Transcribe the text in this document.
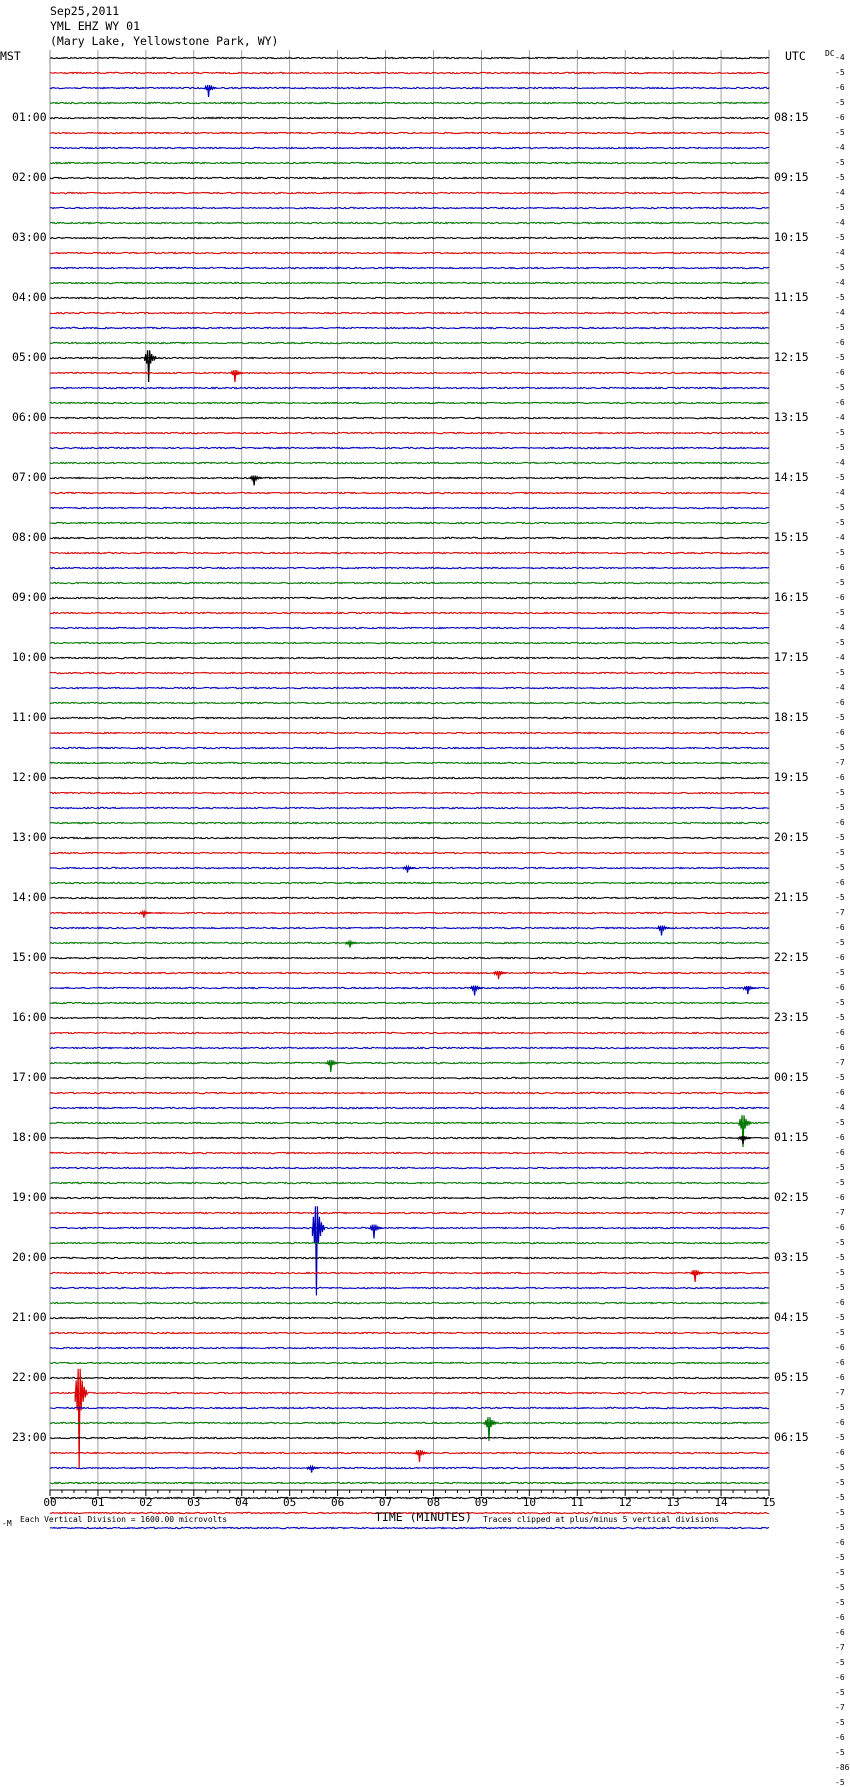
00	01	02	03	04	05	06	07	08	09	10	11	12	13	14	15
Sep25,2011
YML EHZ WY 01
(Mary Lake, Yellowstone Park, WY)
MST	UTC DC
TIME (MINUTES)
Each Vertical Division = 1600.00 microvolts	Traces clipped at plus/minus 5 vertical divisions
-M
-4
-5
-6
-5
-6
-5
-4
-5
-5
-4
-5
-4
-5
-4
-5
-4
-5
-4
-5
-6
-5
-6
-5
-6
-4
-5
-5
-4
-5
-4
-5
-5
-4
-5
-6
-5
-6
-5
-4
-5
-4
-5
-4
-6
-5
-6
-5
-7
-6
-5
-5
-6
-5
-5
-5
-6
-5
-7
-6
-5
-6
-5
-6
-5
-5
-6
-6
-7
-5
-6
-4
-5
-6
-6
-5
-5
-6
-7
-6
-5
-5
-5
-5
-6
-5
-5
-6
-6
-6
-7
-5
-6
-5
-6
-5
-5
-5
-5
-5
-6
-5
-5
-5
-5
-6
-6
-7
-5
-6
-5
-7
-5
-6
-5
-86
-5
01:00
02:00
03:00
04:00
05:00
06:00
07:00
08:00
09:00
10:00
11:00
12:00
13:00
14:00
15:00
16:00
17:00
18:00
19:00
20:00
21:00
22:00
23:00
08:15
09:15
10:15
11:15
12:15
13:15
14:15
15:15
16:15
17:15
18:15
19:15
20:15
21:15
22:15
23:15
00:15
01:15
02:15
03:15
04:15
05:15
06:15
